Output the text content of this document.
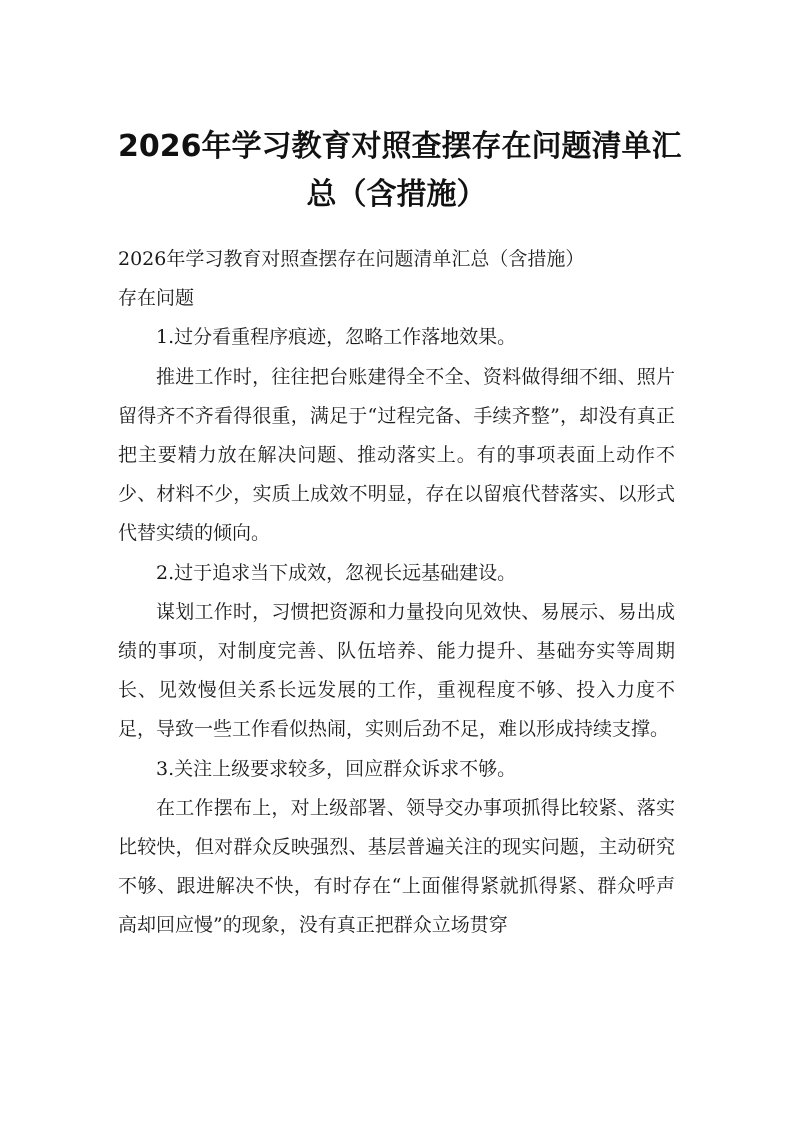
2026年学习教育对照查摆存在问题清单汇
总（含措施）

2026年学习教育对照查摆存在问题清单汇总（含措施）

存在问题

1.过分看重程序痕迹，忽略工作落地效果。

推进工作时，往往把台账建得全不全、资料做得细不细、照片留得齐不齐看得很重，满足于“过程完备、手续齐整”，却没有真正把主要精力放在解决问题、推动落实上。有的事项表面上动作不少、材料不少，实质上成效不明显，存在以留痕代替落实、以形式代替实绩的倾向。

2.过于追求当下成效，忽视长远基础建设。

谋划工作时，习惯把资源和力量投向见效快、易展示、易出成绩的事项，对制度完善、队伍培养、能力提升、基础夯实等周期长、见效慢但关系长远发展的工作，重视程度不够、投入力度不足，导致一些工作看似热闹，实则后劲不足，难以形成持续支撑。

3.关注上级要求较多，回应群众诉求不够。

在工作摆布上，对上级部署、领导交办事项抓得比较紧、落实比较快，但对群众反映强烈、基层普遍关注的现实问题，主动研究不够、跟进解决不快，有时存在“上面催得紧就抓得紧、群众呼声高却回应慢”的现象，没有真正把群众立场贯穿
